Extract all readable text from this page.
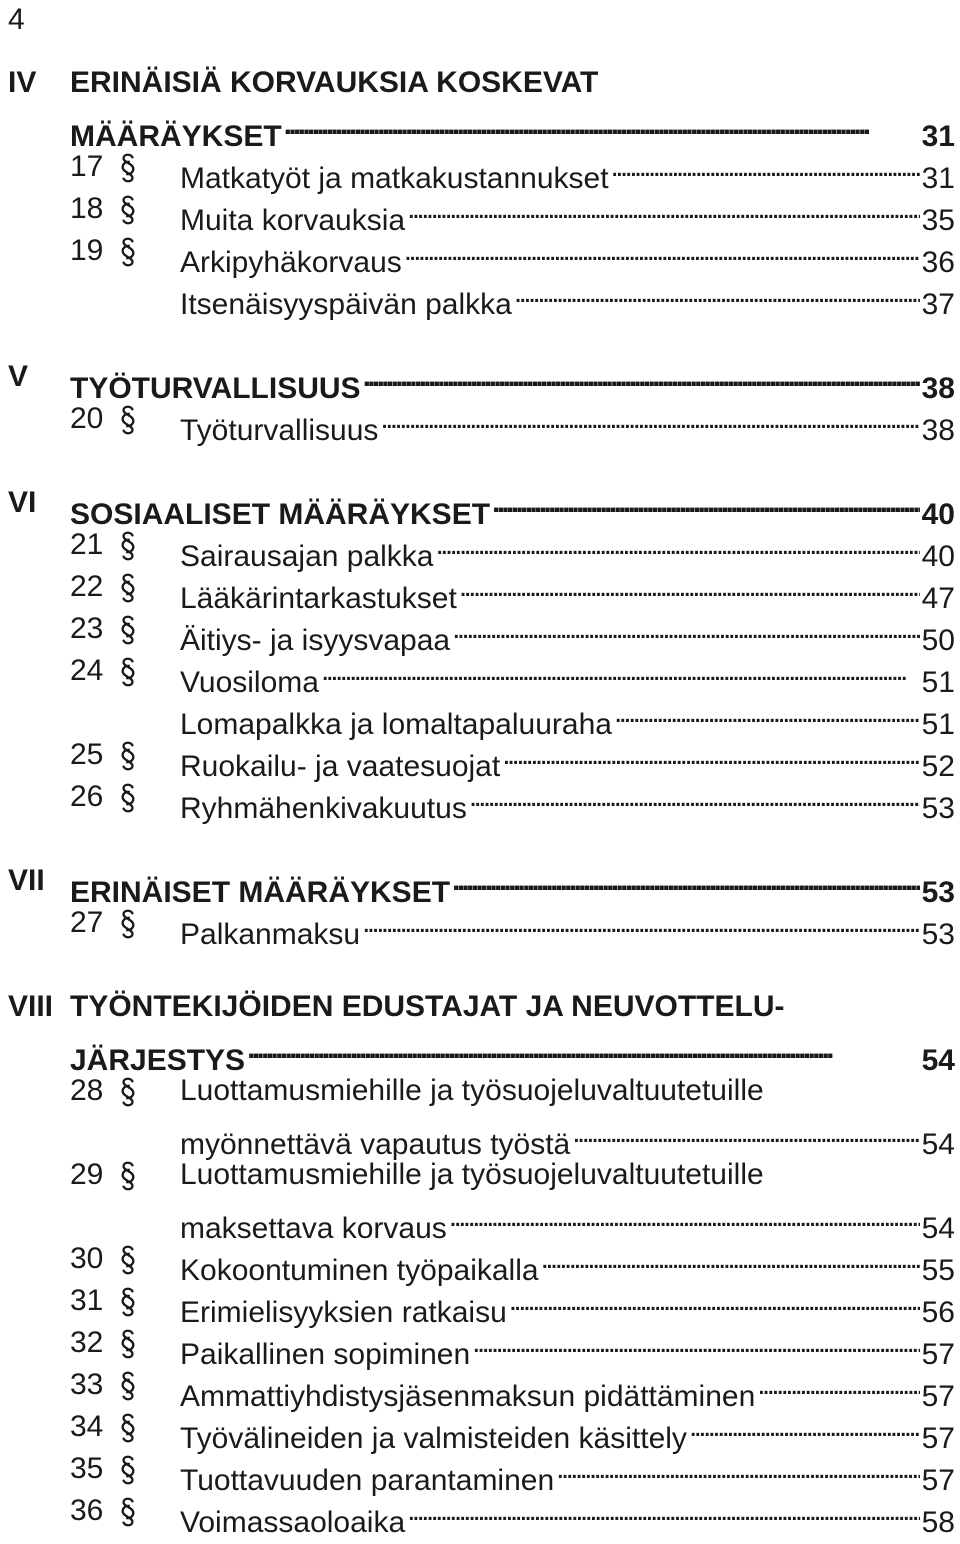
4
IV ERINÄISIÄ KORVAUKSIA KOSKEVAT
MÄÄRÄYKSET . . .	31
17	Matkatyöt ja matkakustannukset . . .	31
18	Muita korvauksia . . .	35
19	Arkipyhäkorvaus . . .	36
Itsenäisyyspäivän palkka . . .	37
V TYÖTURVALLISUUS . . .	38
20	Työturvallisuus . . .	38
VI SOSIAALISET MÄÄRÄYKSET . . .	40
21	Sairausajan palkka . . .	40
22	Lääkärintarkastukset . . .	47
23	Äitiys- ja isyysvapaa . . .	50
24	Vuosiloma . . .	51
Lomapalkka ja lomaltapaluuraha . . .	51
25	Ruokailu- ja vaatesuojat . . .	52
26	Ryhmähenkivakuutus . . .	53
VII ERINÄISET MÄÄRÄYKSET . . .	53
27	Palkanmaksu . . .	53
VIII TYÖNTEKIJÖIDEN EDUSTAJAT JA NEUVOTTELU-
JÄRJESTYS . . .	54
28	Luottamusmiehille ja työsuojeluvaltuutetuille
myönnettävä vapautus työstä . . .	54
29	Luottamusmiehille ja työsuojeluvaltuutetuille
maksettava korvaus . . .	54
30	Kokoontuminen työpaikalla . . .	55
31	Erimielisyyksien ratkaisu . . .	56
32	Paikallinen sopiminen . . .	57
33	Ammattiyhdistysjäsenmaksun pidättäminen . . .	57
34	Työvälineiden ja valmisteiden käsittely . . .	57
35	Tuottavuuden parantaminen . . .	57
36	Voimassaoloaika . . .	58
